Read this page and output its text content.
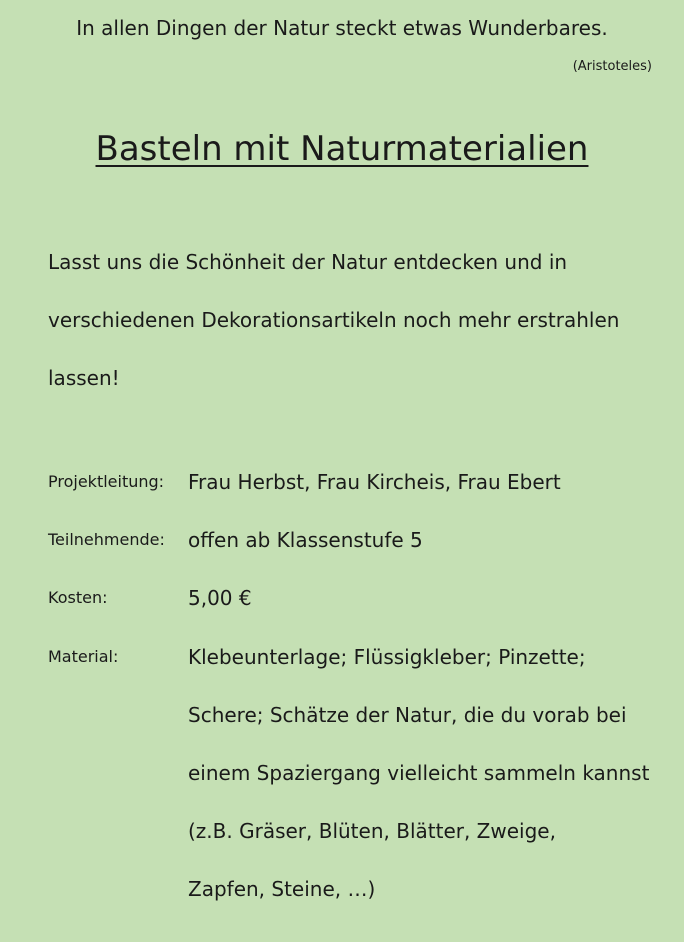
In allen Dingen der Natur steckt etwas Wunderbares.
(Aristoteles)
Basteln mit Naturmaterialien

Lasst uns die Schönheit der Natur entdecken und in verschiedenen Dekorationsartikeln noch mehr erstrahlen lassen!

Projektleitung:	Frau Herbst, Frau Kircheis, Frau Ebert
Teilnehmende:	offen ab Klassenstufe 5
Kosten:	5,00 €
Material:	Klebeunterlage; Flüssigkleber; Pinzette;
Schere; Schätze der Natur, die du vorab bei
einem Spaziergang vielleicht sammeln kannst
(z.B. Gräser, Blüten, Blätter, Zweige,
Zapfen, Steine, …)
